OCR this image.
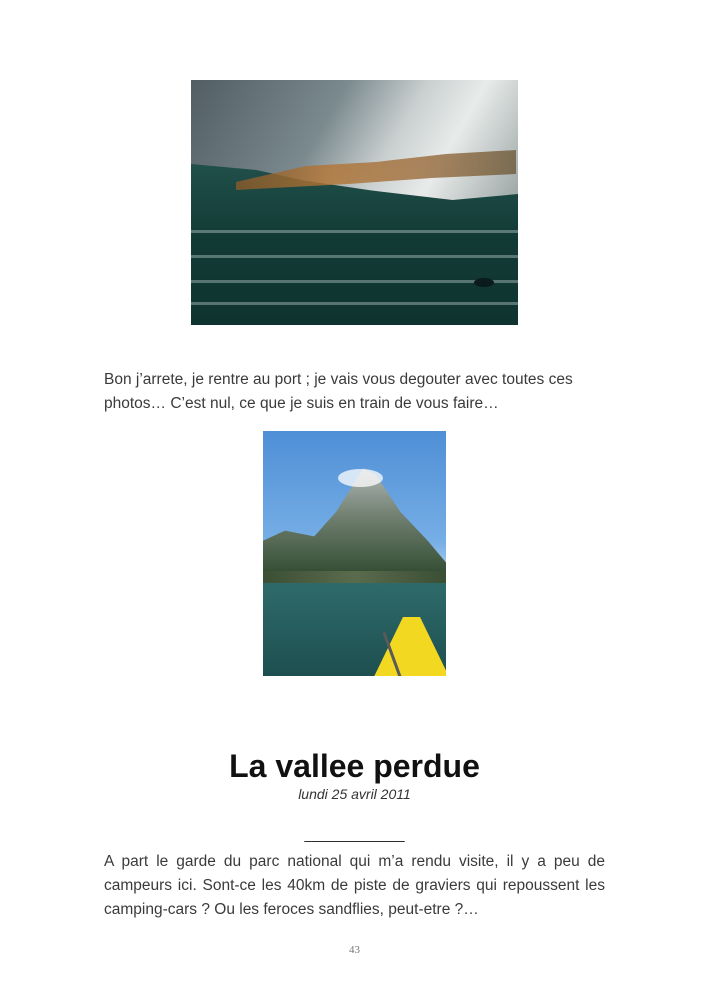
Bon j’arrete, je rentre au port ; je vais vous degouter avec toutes ces photos… C’est nul, ce que je suis en train de vous faire…

La vallee perdue
lundi 25 avril 2011
____________

A part le garde du parc national qui m’a rendu visite, il y a peu de campeurs ici. Sont-ce les 40km de piste de graviers qui repoussent les camping-cars ? Ou les feroces sandflies, peut-etre ?…

43
